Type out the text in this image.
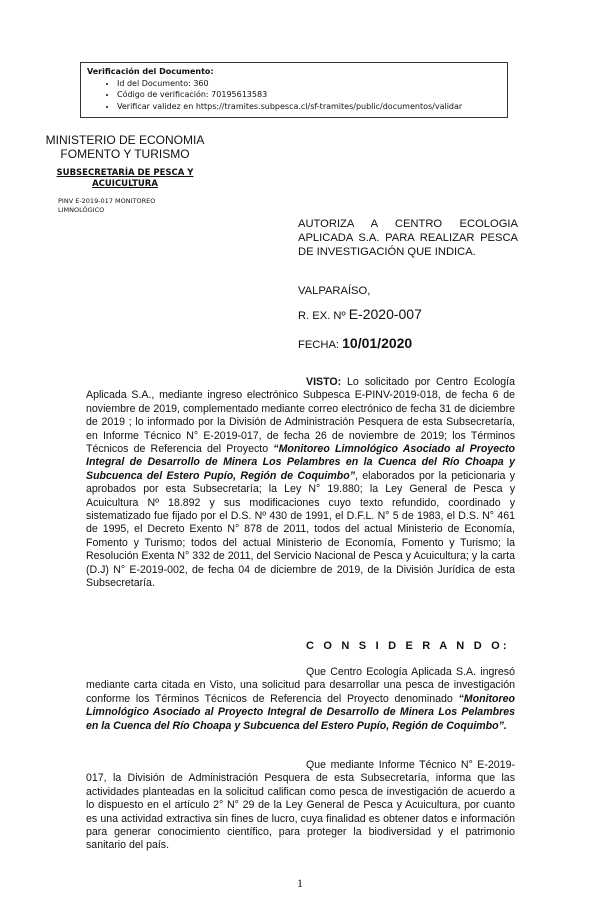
Verificación del Documento:
• Id del Documento: 360
• Código de verificación: 70195613583
• Verificar validez en https://tramites.subpesca.cl/sf-tramites/public/documentos/validar
MINISTERIO DE ECONOMIA
FOMENTO Y TURISMO
SUBSECRETARÍA DE PESCA Y ACUICULTURA
PINV E-2019-017 MONITOREO LIMNOLÓGICO
AUTORIZA A CENTRO ECOLOGIA APLICADA S.A. PARA REALIZAR PESCA DE INVESTIGACIÓN QUE INDICA.
VALPARAÍSO,
R. EX. Nº E-2020-007
FECHA: 10/01/2020
VISTO: Lo solicitado por Centro Ecología Aplicada S.A., mediante ingreso electrónico Subpesca E-PINV-2019-018, de fecha 6 de noviembre de 2019, complementado mediante correo electrónico de fecha 31 de diciembre de 2019 ; lo informado por la División de Administración Pesquera de esta Subsecretaría, en Informe Técnico N° E-2019-017, de fecha 26 de noviembre de 2019; los Términos Técnicos de Referencia del Proyecto “Monitoreo Limnológico Asociado al Proyecto Integral de Desarrollo de Minera Los Pelambres en la Cuenca del Río Choapa y Subcuenca del Estero Pupío, Región de Coquimbo”, elaborados por la peticionaria y aprobados por esta Subsecretaría; la Ley N° 19.880; la Ley General de Pesca y Acuicultura Nº 18.892 y sus modificaciones cuyo texto refundido, coordinado y sistematizado fue fijado por el D.S. Nº 430 de 1991, el D.F.L. N° 5 de 1983, el D.S. N° 461 de 1995, el Decreto Exento N° 878 de 2011, todos del actual Ministerio de Economía, Fomento y Turismo; todos del actual Ministerio de Economía, Fomento y Turismo; la Resolución Exenta N° 332 de 2011, del Servicio Nacional de Pesca y Acuicultura; y la carta (D.J) N° E-2019-002, de fecha 04 de diciembre de 2019, de la División Jurídica de esta Subsecretaría.
C O N S I D E R A N D O:
Que Centro Ecología Aplicada S.A. ingresó mediante carta citada en Visto, una solicitud para desarrollar una pesca de investigación conforme los Términos Técnicos de Referencia del Proyecto denominado “Monitoreo Limnológico Asociado al Proyecto Integral de Desarrollo de Minera Los Pelambres en la Cuenca del Río Choapa y Subcuenca del Estero Pupío, Región de Coquimbo”.
Que mediante Informe Técnico N° E-2019-017, la División de Administración Pesquera de esta Subsecretaría, informa que las actividades planteadas en la solicitud califican como pesca de investigación de acuerdo a lo dispuesto en el artículo 2° N° 29 de la Ley General de Pesca y Acuicultura, por cuanto es una actividad extractiva sin fines de lucro, cuya finalidad es obtener datos e información para generar conocimiento científico, para proteger la biodiversidad y el patrimonio sanitario del país.
1
